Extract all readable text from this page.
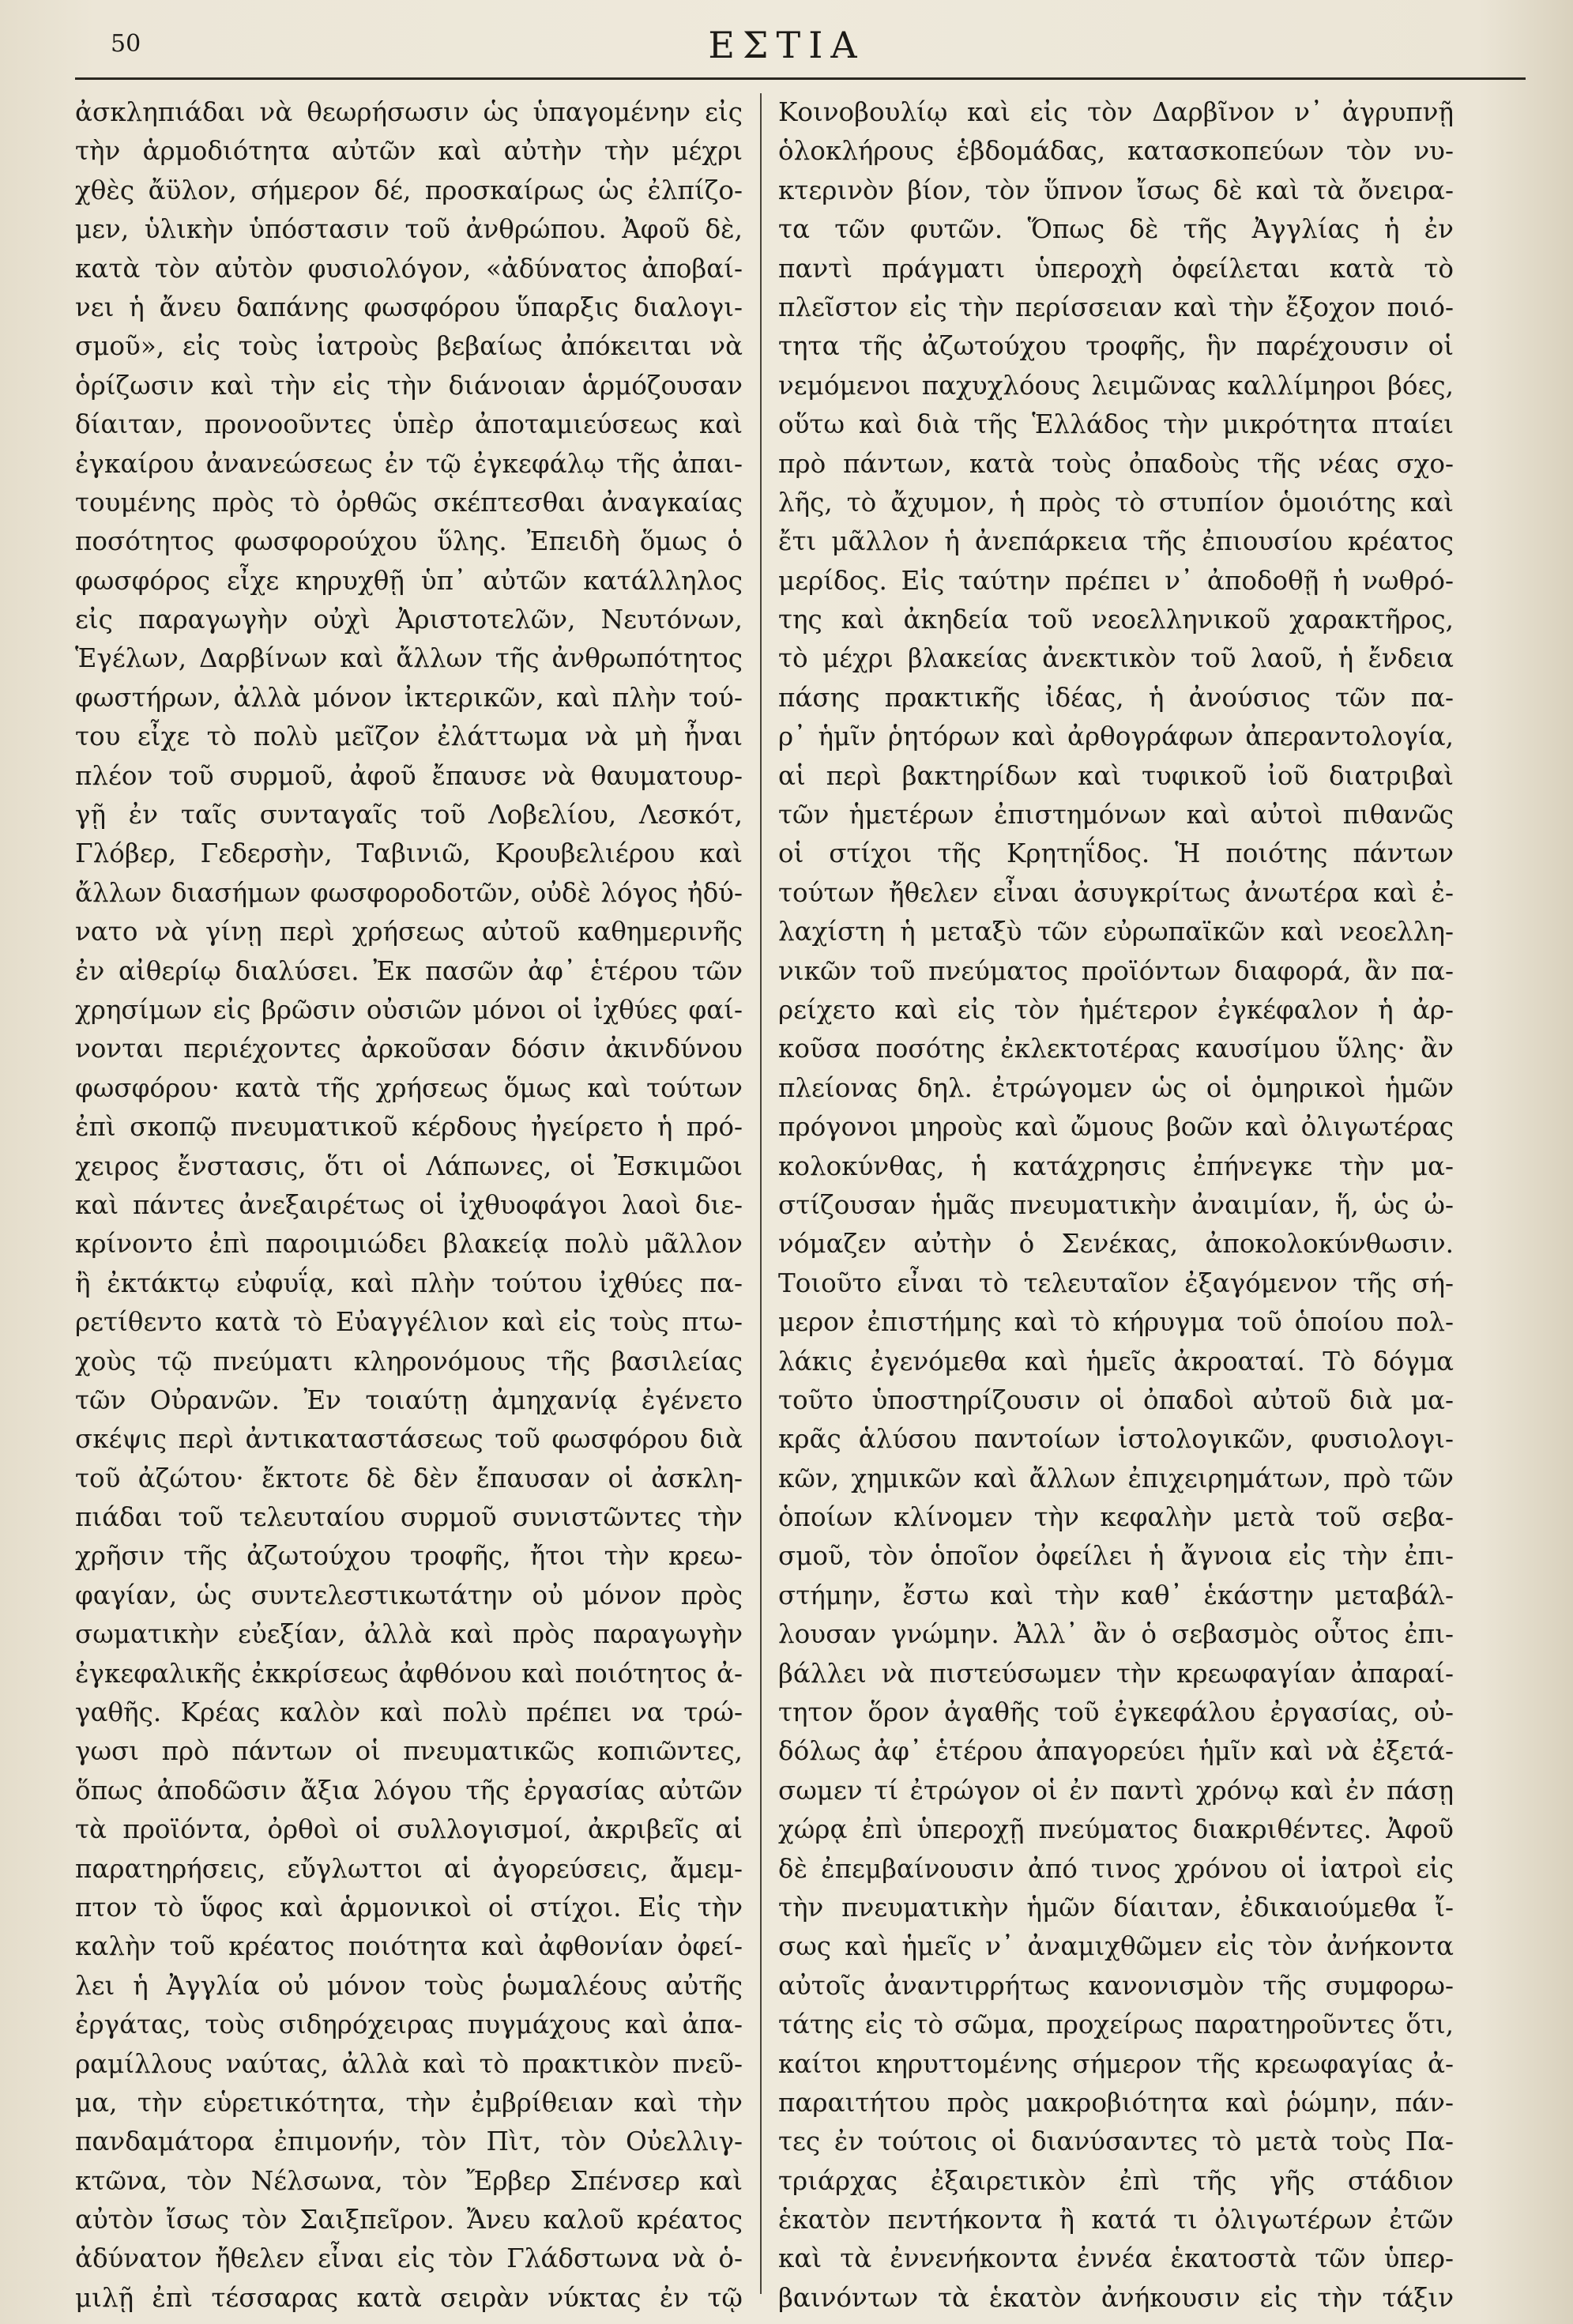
50	ΕΣΤΙΑ
ἀσκληπιάδαι νὰ θεωρήσωσιν ὡς ὑπαγομένην εἰς
τὴν ἁρμοδιότητα αὐτῶν καὶ αὐτὴν τὴν μέχρι
χθὲς ἄϋλον, σήμερον δέ, προσκαίρως ὡς ἐλπίζο-
μεν, ὑλικὴν ὑπόστασιν τοῦ ἀνθρώπου. Ἀφοῦ δὲ,
κατὰ τὸν αὐτὸν φυσιολόγον, «ἀδύνατος ἀποβαί-
νει ἡ ἄνευ δαπάνης φωσφόρου ὕπαρξις διαλογι-
σμοῦ», εἰς τοὺς ἰατροὺς βεβαίως ἀπόκειται νὰ
ὁρίζωσιν καὶ τὴν εἰς τὴν διάνοιαν ἁρμόζουσαν
δίαιταν, προνοοῦντες ὑπὲρ ἀποταμιεύσεως καὶ
ἐγκαίρου ἀνανεώσεως ἐν τῷ ἐγκεφάλῳ τῆς ἀπαι-
τουμένης πρὸς τὸ ὀρθῶς σκέπτεσθαι ἀναγκαίας
ποσότητος φωσφορούχου ὕλης. Ἐπειδὴ ὅμως ὁ
φωσφόρος εἶχε κηρυχθῇ ὑπ᾽ αὐτῶν κατάλληλος
εἰς παραγωγὴν οὐχὶ Ἀριστοτελῶν, Νευτόνων,
Ἑγέλων, Δαρβίνων καὶ ἄλλων τῆς ἀνθρωπότητος
φωστήρων, ἀλλὰ μόνον ἰκτερικῶν, καὶ πλὴν τού-
του εἶχε τὸ πολὺ μεῖζον ἐλάττωμα νὰ μὴ ἦναι
πλέον τοῦ συρμοῦ, ἀφοῦ ἔπαυσε νὰ θαυματουρ-
γῇ ἐν ταῖς συνταγαῖς τοῦ Λοβελίου, Λεσκότ,
Γλόβερ, Γεδερσὴν, Ταβινιῶ, Κρουβελιέρου καὶ
ἄλλων διασήμων φωσφοροδοτῶν, οὐδὲ λόγος ἠδύ-
νατο νὰ γίνῃ περὶ χρήσεως αὐτοῦ καθημερινῆς
ἐν αἰθερίῳ διαλύσει. Ἐκ πασῶν ἀφ᾽ ἑτέρου τῶν
χρησίμων εἰς βρῶσιν οὐσιῶν μόνοι οἱ ἰχθύες φαί-
νονται περιέχοντες ἀρκοῦσαν δόσιν ἀκινδύνου
φωσφόρου· κατὰ τῆς χρήσεως ὅμως καὶ τούτων
ἐπὶ σκοπῷ πνευματικοῦ κέρδους ἠγείρετο ἡ πρό-
χειρος ἔνστασις, ὅτι οἱ Λάπωνες, οἱ Ἐσκιμῶοι
καὶ πάντες ἀνεξαιρέτως οἱ ἰχθυοφάγοι λαοὶ διε-
κρίνοντο ἐπὶ παροιμιώδει βλακείᾳ πολὺ μᾶλλον
ἢ ἐκτάκτῳ εὐφυΐᾳ, καὶ πλὴν τούτου ἰχθύες πα-
ρετίθεντο κατὰ τὸ Εὐαγγέλιον καὶ εἰς τοὺς πτω-
χοὺς τῷ πνεύματι κληρονόμους τῆς βασιλείας
τῶν Οὐρανῶν. Ἐν τοιαύτῃ ἀμηχανίᾳ ἐγένετο
σκέψις περὶ ἀντικαταστάσεως τοῦ φωσφόρου διὰ
τοῦ ἀζώτου· ἔκτοτε δὲ δὲν ἔπαυσαν οἱ ἀσκλη-
πιάδαι τοῦ τελευταίου συρμοῦ συνιστῶντες τὴν
χρῆσιν τῆς ἀζωτούχου τροφῆς, ἤτοι τὴν κρεω-
φαγίαν, ὡς συντελεστικωτάτην οὐ μόνον πρὸς
σωματικὴν εὐεξίαν, ἀλλὰ καὶ πρὸς παραγωγὴν
ἐγκεφαλικῆς ἐκκρίσεως ἀφθόνου καὶ ποιότητος ἀ-
γαθῆς. Κρέας καλὸν καὶ πολὺ πρέπει να τρώ-
γωσι πρὸ πάντων οἱ πνευματικῶς κοπιῶντες,
ὅπως ἀποδῶσιν ἄξια λόγου τῆς ἐργασίας αὐτῶν
τὰ προϊόντα, ὀρθοὶ οἱ συλλογισμοί, ἀκριβεῖς αἱ
παρατηρήσεις, εὔγλωττοι αἱ ἀγορεύσεις, ἄμεμ-
πτον τὸ ὕφος καὶ ἁρμονικοὶ οἱ στίχοι. Εἰς τὴν
καλὴν τοῦ κρέατος ποιότητα καὶ ἀφθονίαν ὀφεί-
λει ἡ Ἀγγλία οὐ μόνον τοὺς ῥωμαλέους αὐτῆς
ἐργάτας, τοὺς σιδηρόχειρας πυγμάχους καὶ ἀπα-
ραμίλλους ναύτας, ἀλλὰ καὶ τὸ πρακτικὸν πνεῦ-
μα, τὴν εὑρετικότητα, τὴν ἐμβρίθειαν καὶ τὴν
πανδαμάτορα ἐπιμονήν, τὸν Πὶτ, τὸν Οὐελλιγ-
κτῶνα, τὸν Νέλσωνα, τὸν Ἔρβερ Σπένσερ καὶ
αὐτὸν ἴσως τὸν Σαιξπεῖρον. Ἄνευ καλοῦ κρέατος
ἀδύνατον ἤθελεν εἶναι εἰς τὸν Γλάδστωνα νὰ ὁ-
μιλῇ ἐπὶ τέσσαρας κατὰ σειρὰν νύκτας ἐν τῷ
Κοινοβουλίῳ καὶ εἰς τὸν Δαρβῖνον ν᾽ ἀγρυπνῇ
ὁλοκλήρους ἑβδομάδας, κατασκοπεύων τὸν νυ-
κτερινὸν βίον, τὸν ὕπνον ἴσως δὲ καὶ τὰ ὄνειρα-
τα τῶν φυτῶν. Ὅπως δὲ τῆς Ἀγγλίας ἡ ἐν
παντὶ πράγματι ὑπεροχὴ ὀφείλεται κατὰ τὸ
πλεῖστον εἰς τὴν περίσσειαν καὶ τὴν ἔξοχον ποιό-
τητα τῆς ἀζωτούχου τροφῆς, ἣν παρέχουσιν οἱ
νεμόμενοι παχυχλόους λειμῶνας καλλίμηροι βόες,
οὕτω καὶ διὰ τῆς Ἑλλάδος τὴν μικρότητα πταίει
πρὸ πάντων, κατὰ τοὺς ὀπαδοὺς τῆς νέας σχο-
λῆς, τὸ ἄχυμον, ἡ πρὸς τὸ στυπίον ὁμοιότης καὶ
ἔτι μᾶλλον ἡ ἀνεπάρκεια τῆς ἐπιουσίου κρέατος
μερίδος. Εἰς ταύτην πρέπει ν᾽ ἀποδοθῇ ἡ νωθρό-
της καὶ ἀκηδεία τοῦ νεοελληνικοῦ χαρακτῆρος,
τὸ μέχρι βλακείας ἀνεκτικὸν τοῦ λαοῦ, ἡ ἔνδεια
πάσης πρακτικῆς ἰδέας, ἡ ἀνούσιος τῶν πα-
ρ᾽ ἡμῖν ῥητόρων καὶ ἀρθογράφων ἀπεραντολογία,
αἱ περὶ βακτηρίδων καὶ τυφικοῦ ἰοῦ διατριβαὶ
τῶν ἡμετέρων ἐπιστημόνων καὶ αὐτοὶ πιθανῶς
οἱ στίχοι τῆς Κρητηΐδος. Ἡ ποιότης πάντων
τούτων ἤθελεν εἶναι ἀσυγκρίτως ἀνωτέρα καὶ ἐ-
λαχίστη ἡ μεταξὺ τῶν εὐρωπαϊκῶν καὶ νεοελλη-
νικῶν τοῦ πνεύματος προϊόντων διαφορά, ἂν πα-
ρείχετο καὶ εἰς τὸν ἡμέτερον ἐγκέφαλον ἡ ἀρ-
κοῦσα ποσότης ἐκλεκτοτέρας καυσίμου ὕλης· ἂν
πλείονας δηλ. ἐτρώγομεν ὡς οἱ ὁμηρικοὶ ἡμῶν
πρόγονοι μηροὺς καὶ ὤμους βοῶν καὶ ὀλιγωτέρας
κολοκύνθας, ἡ κατάχρησις ἐπήνεγκε τὴν μα-
στίζουσαν ἡμᾶς πνευματικὴν ἀναιμίαν, ἥ, ὡς ὠ-
νόμαζεν αὐτὴν ὁ Σενέκας, ἀποκολοκύνθωσιν.
Τοιοῦτο εἶναι τὸ τελευταῖον ἐξαγόμενον τῆς σή-
μερον ἐπιστήμης καὶ τὸ κήρυγμα τοῦ ὁποίου πολ-
λάκις ἐγενόμεθα καὶ ἡμεῖς ἀκροαταί. Τὸ δόγμα
τοῦτο ὑποστηρίζουσιν οἱ ὀπαδοὶ αὐτοῦ διὰ μα-
κρᾶς ἁλύσου παντοίων ἱστολογικῶν, φυσιολογι-
κῶν, χημικῶν καὶ ἄλλων ἐπιχειρημάτων, πρὸ τῶν
ὁποίων κλίνομεν τὴν κεφαλὴν μετὰ τοῦ σεβα-
σμοῦ, τὸν ὁποῖον ὀφείλει ἡ ἄγνοια εἰς τὴν ἐπι-
στήμην, ἔστω καὶ τὴν καθ᾽ ἑκάστην μεταβάλ-
λουσαν γνώμην. Ἀλλ᾽ ἂν ὁ σεβασμὸς οὗτος ἐπι-
βάλλει νὰ πιστεύσωμεν τὴν κρεωφαγίαν ἀπαραί-
τητον ὅρον ἀγαθῆς τοῦ ἐγκεφάλου ἐργασίας, οὐ-
δόλως ἀφ᾽ ἑτέρου ἀπαγορεύει ἡμῖν καὶ νὰ ἐξετά-
σωμεν τί ἐτρώγον οἱ ἐν παντὶ χρόνῳ καὶ ἐν πάσῃ
χώρᾳ ἐπὶ ὑπεροχῇ πνεύματος διακριθέντες. Ἀφοῦ
δὲ ἐπεμβαίνουσιν ἀπό τινος χρόνου οἱ ἰατροὶ εἰς
τὴν πνευματικὴν ἡμῶν δίαιταν, ἐδικαιούμεθα ἴ-
σως καὶ ἡμεῖς ν᾽ ἀναμιχθῶμεν εἰς τὸν ἀνήκοντα
αὐτοῖς ἀναντιρρήτως κανονισμὸν τῆς συμφορω-
τάτης εἰς τὸ σῶμα, προχείρως παρατηροῦντες ὅτι,
καίτοι κηρυττομένης σήμερον τῆς κρεωφαγίας ἀ-
παραιτήτου πρὸς μακροβιότητα καὶ ῥώμην, πάν-
τες ἐν τούτοις οἱ διανύσαντες τὸ μετὰ τοὺς Πα-
τριάρχας ἐξαιρετικὸν ἐπὶ τῆς γῆς στάδιον
ἑκατὸν πεντήκοντα ἢ κατά τι ὀλιγωτέρων ἐτῶν
καὶ τὰ ἐννενήκοντα ἐννέα ἑκατοστὰ τῶν ὑπερ-
βαινόντων τὰ ἑκατὸν ἀνήκουσιν εἰς τὴν τάξιν
